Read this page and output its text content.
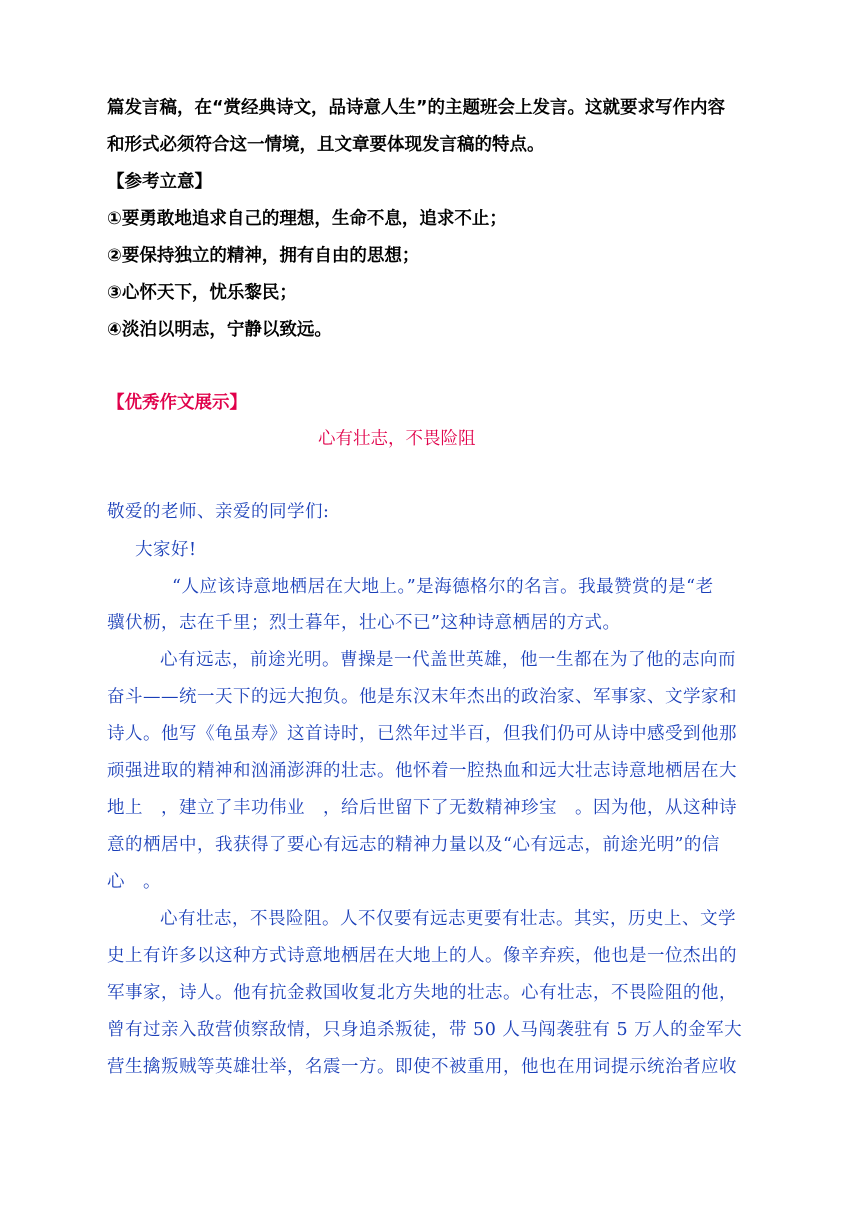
篇发言稿，在“赏经典诗文，品诗意人生”的主题班会上发言。这就要求写作内容
和形式必须符合这一情境，且文章要体现发言稿的特点。
【参考立意】
①要勇敢地追求自己的理想，生命不息，追求不止；
②要保持独立的精神，拥有自由的思想；
③心怀天下，忧乐黎民；
④淡泊以明志，宁静以致远。
【优秀作文展示】
心有壮志，不畏险阻
敬爱的老师、亲爱的同学们:
大家好!
“人应该诗意地栖居在大地上。”是海德格尔的名言。我最赞赏的是“老
骥伏枥，志在千里；烈士暮年，壮心不已”这种诗意栖居的方式。
心有远志，前途光明。曹操是一代盖世英雄，他一生都在为了他的志向而
奋斗——统一天下的远大抱负。他是东汉末年杰出的政治家、军事家、文学家和
诗人。他写《龟虽寿》这首诗时，已然年过半百，但我们仍可从诗中感受到他那
顽强进取的精神和汹涌澎湃的壮志。他怀着一腔热血和远大壮志诗意地栖居在大
地上　，建立了丰功伟业　，给后世留下了无数精神珍宝　。因为他，从这种诗
意的栖居中，我获得了要心有远志的精神力量以及“心有远志，前途光明”的信
心　。
心有壮志，不畏险阻。人不仅要有远志更要有壮志。其实，历史上、文学
史上有许多以这种方式诗意地栖居在大地上的人。像辛弃疾，他也是一位杰出的
军事家，诗人。他有抗金救国收复北方失地的壮志。心有壮志，不畏险阻的他，
曾有过亲入敌营侦察敌情，只身追杀叛徒，带 50 人马闯袭驻有 5 万人的金军大
营生擒叛贼等英雄壮举，名震一方。即使不被重用，他也在用词提示统治者应收
